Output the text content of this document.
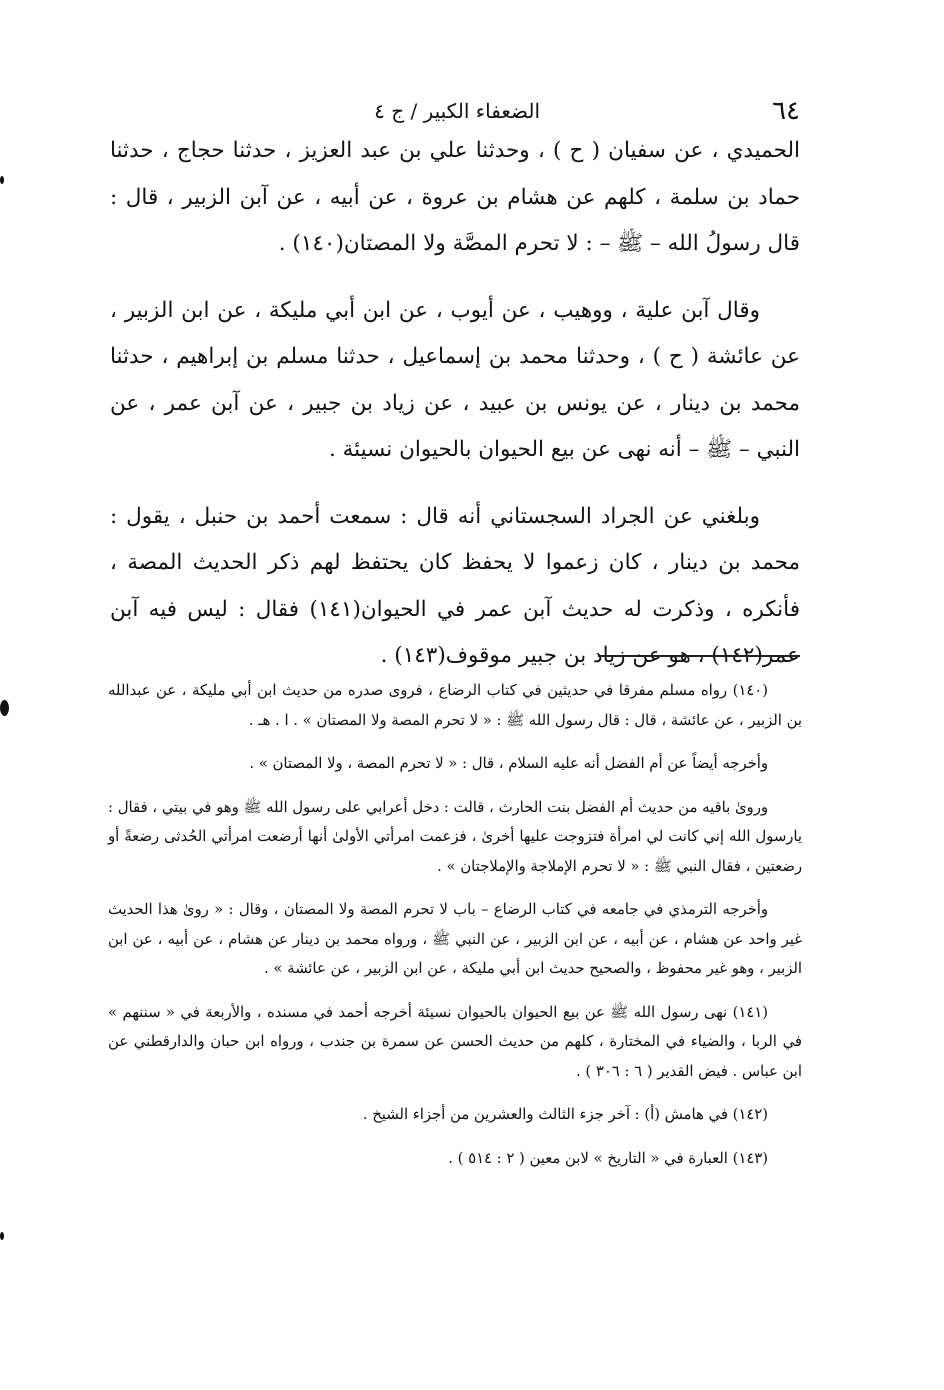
٦٤
الضعفاء الكبير / ج ٤

الحميدي ، عن سفيان ( ح ) ، وحدثنا علي بن عبد العزيز ، حدثنا حجاج ، حدثنا حماد بن سلمة ، كلهم عن هشام بن عروة ، عن أبيه ، عن آبن الزبير ، قال : قال رسولُ الله – ﷺ – : لا تحرم المصَّة ولا المصتان(١٤٠) .

وقال آبن علية ، ووهيب ، عن أيوب ، عن ابن أبي مليكة ، عن ابن الزبير ، عن عائشة ( ح ) ، وحدثنا محمد بن إسماعيل ، حدثنا مسلم بن إبراهيم ، حدثنا محمد بن دينار ، عن يونس بن عبيد ، عن زياد بن جبير ، عن آبن عمر ، عن النبي – ﷺ – أنه نهى عن بيع الحيوان بالحيوان نسيئة .

وبلغني عن الجراد السجستاني أنه قال : سمعت أحمد بن حنبل ، يقول : محمد بن دينار ، كان زعموا لا يحفظ كان يحتفظ لهم ذكر الحديث المصة ، فأنكره ، وذكرت له حديث آبن عمر في الحيوان(١٤١) فقال : ليس فيه آبن عمر(١٤٢) ، هو عن زياد بن جبير موقوف(١٤٣) .

(١٤٠) رواه مسلم مفرقا في حديثين في كتاب الرضاع ، فروى صدره من حديث ابن أبي مليكة ، عن عبدالله بن الزبير ، عن عائشة ، قال : قال رسول الله ﷺ : « لا تحرم المصة ولا المصتان » . ا . هـ .

وأخرجه أيضاً عن أم الفضل أنه عليه السلام ، قال : « لا تحرم المصة ، ولا المصتان » .

وروىٰ باقيه من حديث أم الفضل بنت الحارث ، قالت : دخل أعرابي على رسول الله ﷺ وهو في بيتي ، فقال : يارسول الله إني كانت لي امرأة فتزوجت عليها أخرىٰ ، فزعمت امرأتي الأولىٰ أنها أرضعت امرأتي الحُدثى رضعةً أو رضعتين ، فقال النبي ﷺ : « لا تحرم الإملاجة والإملاجتان » .

وأخرجه الترمذي في جامعه في كتاب الرضاع – باب لا تحرم المصة ولا المصتان ، وقال : « روىٰ هذا الحديث غير واحد عن هشام ، عن أبيه ، عن ابن الزبير ، عن النبي ﷺ ، ورواه محمد بن دينار عن هشام ، عن أبيه ، عن ابن الزبير ، وهو غير محفوظ ، والصحيح حديث ابن أبي مليكة ، عن ابن الزبير ، عن عائشة » .

(١٤١) نهى رسول الله ﷺ عن بيع الحيوان بالحيوان نسيئة أخرجه أحمد في مسنده ، والأربعة في « سننهم » في الربا ، والضياء في المختارة ، كلهم من حديث الحسن عن سمرة بن جندب ، ورواه ابن حبان والدارقطني عن ابن عباس . فيض القدير ( ٦ : ٣٠٦ ) .

(١٤٢) في هامش (أ) : آخر جزء الثالث والعشرين من أجزاء الشيخ .

(١٤٣) العبارة في « التاريخ » لابن معين ( ٢ : ٥١٤ ) .
